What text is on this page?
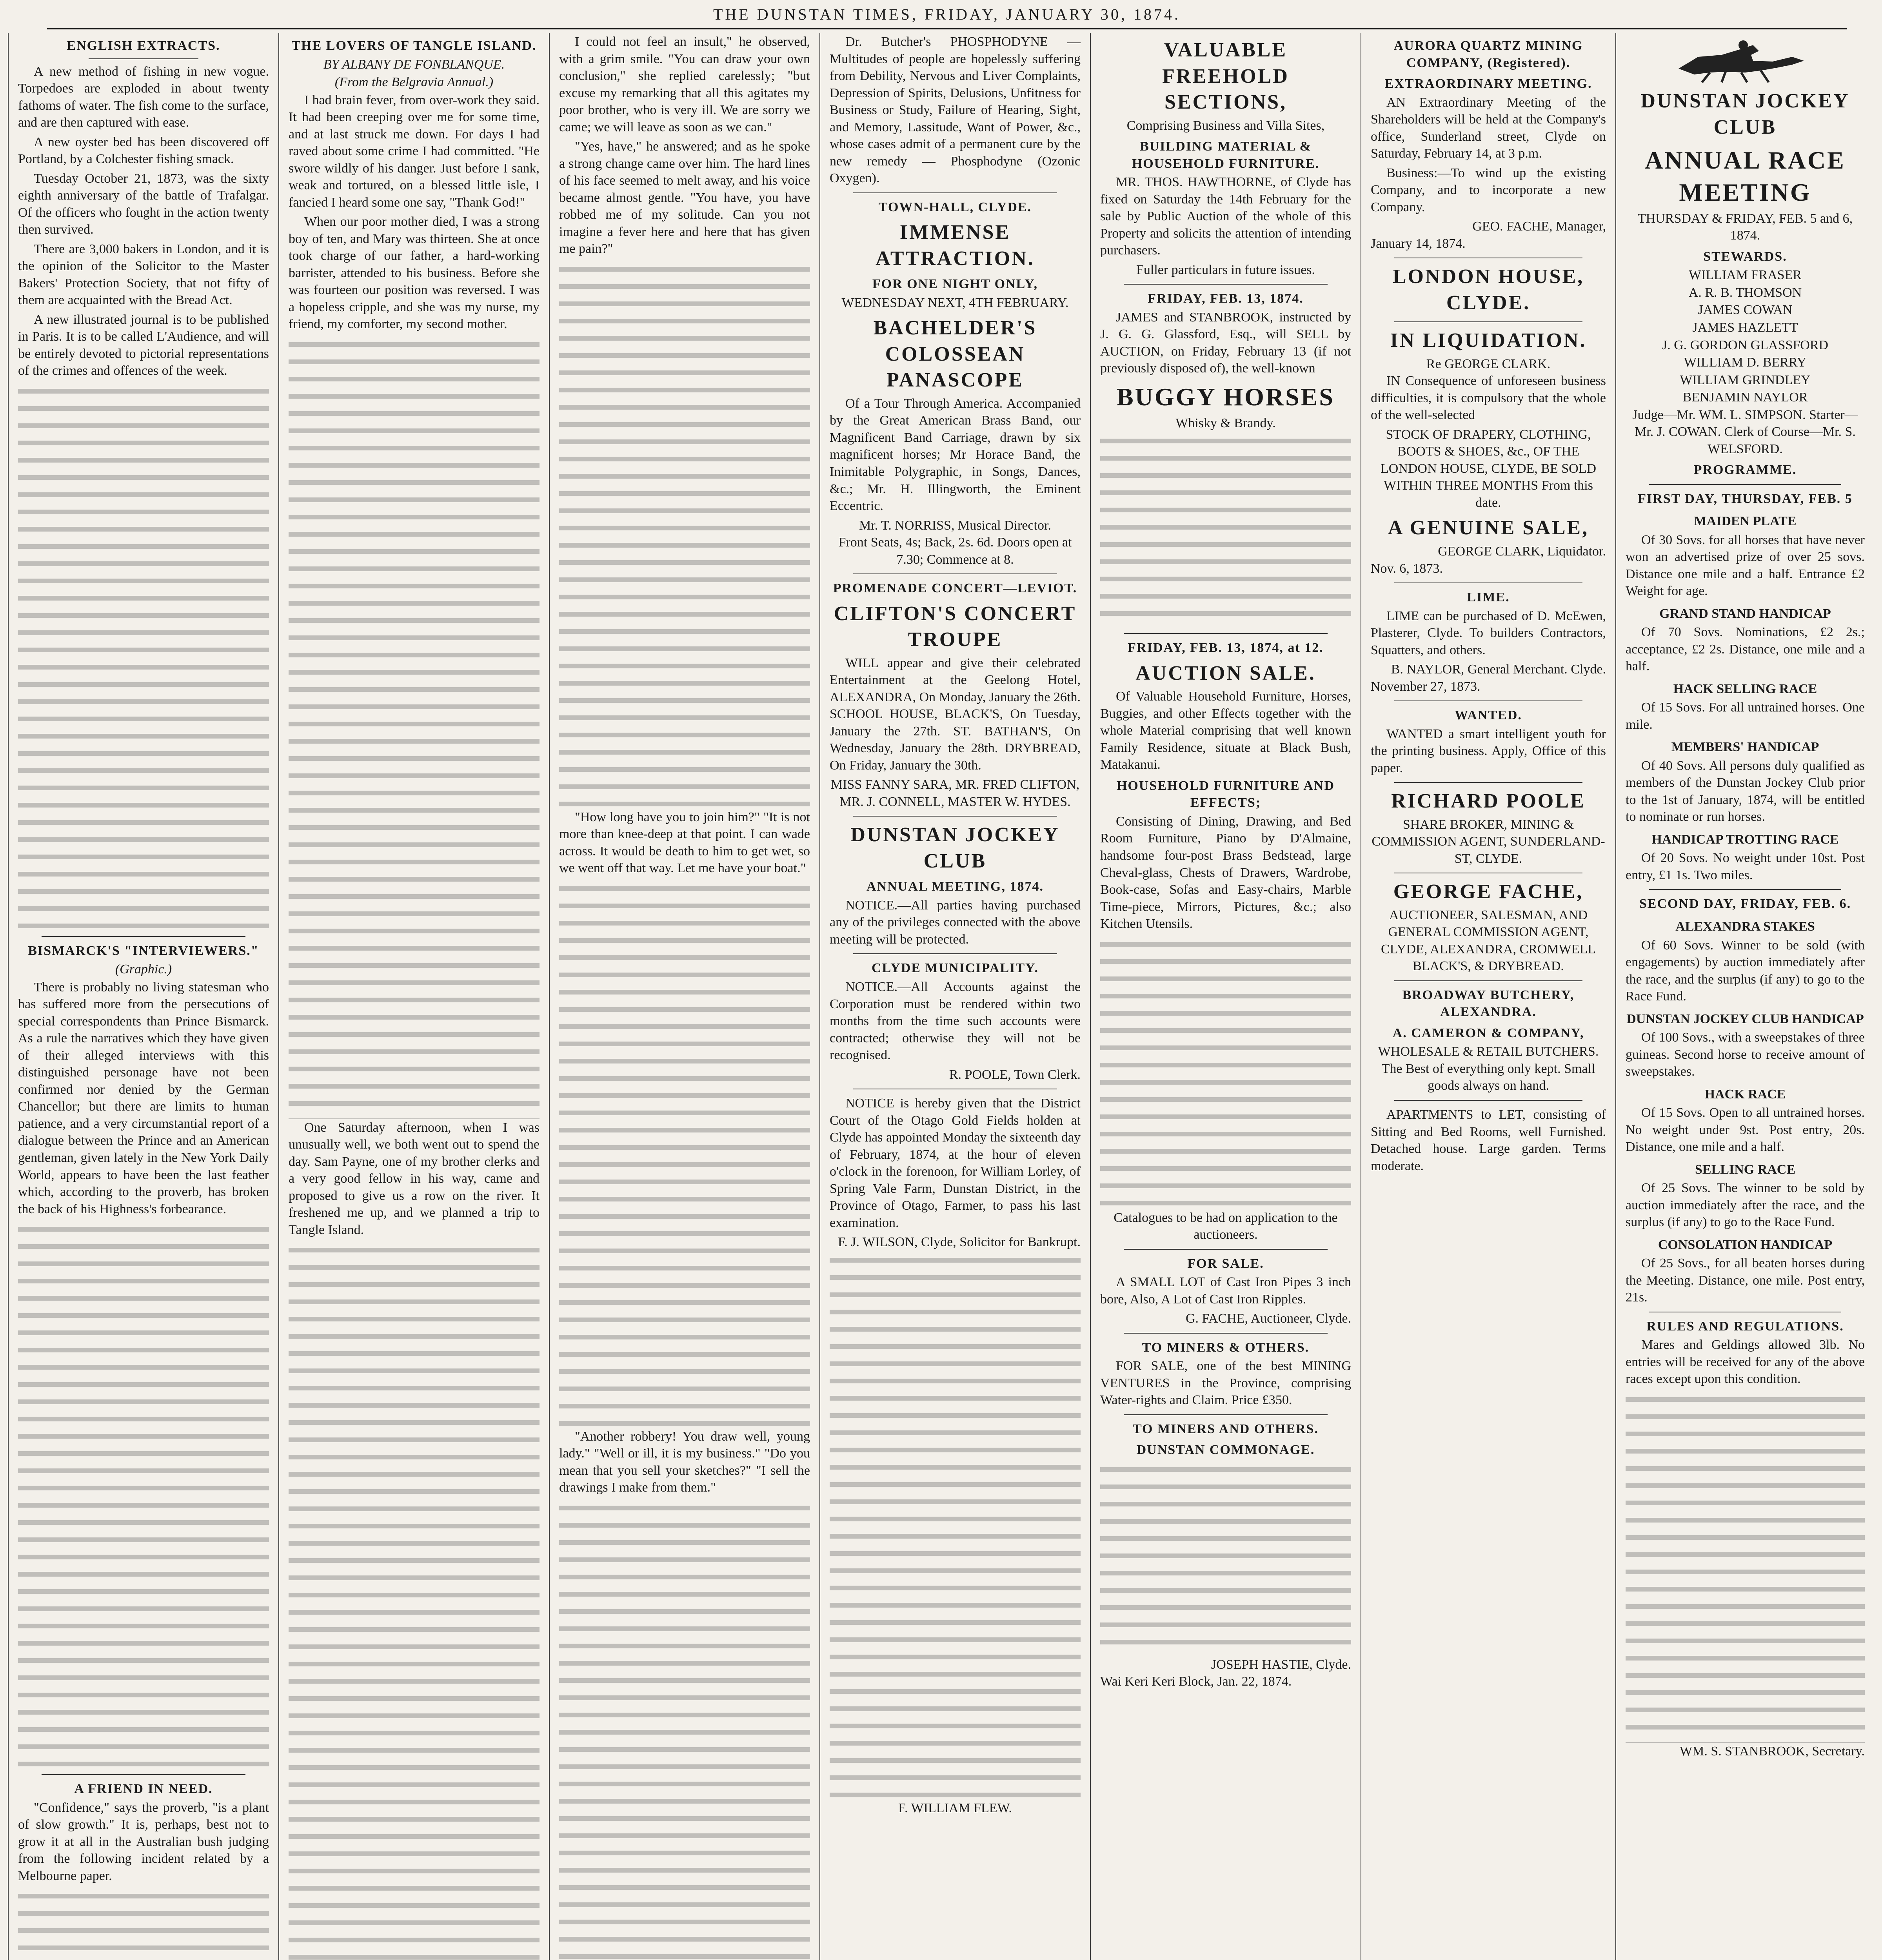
THE DUNSTAN TIMES, FRIDAY, JANUARY 30, 1874.
ENGLISH EXTRACTS.

A new method of fishing in new vogue. Torpedoes are exploded in about twenty fathoms of water. The fish come to the surface, and are then captured with ease.

A new oyster bed has been discovered off Portland, by a Colchester fishing smack.

Tuesday October 21, 1873, was the sixty eighth anniversary of the battle of Trafalgar. Of the officers who fought in the action twenty then survived.

There are 3,000 bakers in London, and it is the opinion of the Solicitor to the Master Bakers' Protection Society, that not fifty of them are acquainted with the Bread Act.

A new illustrated journal is to be published in Paris. It is to be called L'Audience, and will be entirely devoted to pictorial representations of the crimes and offences of the week.

BISMARCK'S "INTERVIEWERS."
(Graphic.)

There is probably no living statesman who has suffered more from the persecutions of special correspondents than Prince Bismarck. As a rule the narratives which they have given of their alleged interviews with this distinguished personage have not been confirmed nor denied by the German Chancellor; but there are limits to human patience, and a very circumstantial report of a dialogue between the Prince and an American gentleman, given lately in the New York Daily World, appears to have been the last feather which, according to the proverb, has broken the back of his Highness's forbearance.

A FRIEND IN NEED.

"Confidence," says the proverb, "is a plant of slow growth." It is, perhaps, best not to grow it at all in the Australian bush judging from the following incident related by a Melbourne paper.

THE LOVERS OF TANGLE ISLAND.
BY ALBANY DE FONBLANQUE.
(From the Belgravia Annual.)

I had brain fever, from over-work they said. It had been creeping over me for some time, and at last struck me down. For days I had raved about some crime I had committed. "He swore wildly of his danger. Just before I sank, weak and tortured, on a blessed little isle, I fancied I heard some one say, "Thank God!"

When our poor mother died, I was a strong boy of ten, and Mary was thirteen. She at once took charge of our father, a hard-working barrister, attended to his business. Before she was fourteen our position was reversed. I was a hopeless cripple, and she was my nurse, my friend, my comforter, my second mother.

One Saturday afternoon, when I was unusually well, we both went out to spend the day. Sam Payne, one of my brother clerks and a very good fellow in his way, came and proposed to give us a row on the river. It freshened me up, and we planned a trip to Tangle Island.

I could not feel an insult," he observed, with a grim smile. "You can draw your own conclusion," she replied carelessly; "but excuse my remarking that all this agitates my poor brother, who is very ill. We are sorry we came; we will leave as soon as we can."

"Yes, have," he answered; and as he spoke a strong change came over him. The hard lines of his face seemed to melt away, and his voice became almost gentle. "You have, you have robbed me of my solitude. Can you not imagine a fever here and here that has given me pain?"

"How long have you to join him?" "It is not more than knee-deep at that point. I can wade across. It would be death to him to get wet, so we went off that way. Let me have your boat."

"Another robbery! You draw well, young lady." "Well or ill, it is my business." "Do you mean that you sell your sketches?" "I sell the drawings I make from them."

Dr. Butcher's PHOSPHODYNE — Multitudes of people are hopelessly suffering from Debility, Nervous and Liver Complaints, Depression of Spirits, Delusions, Unfitness for Business or Study, Failure of Hearing, Sight, and Memory, Lassitude, Want of Power, &c., whose cases admit of a permanent cure by the new remedy — Phosphodyne (Ozonic Oxygen).

TOWN-HALL, CLYDE.
IMMENSE ATTRACTION.
FOR ONE NIGHT ONLY,
WEDNESDAY NEXT, 4TH FEBRUARY.
BACHELDER'S COLOSSEAN PANASCOPE

Of a Tour Through America. Accompanied by the Great American Brass Band, our Magnificent Band Carriage, drawn by six magnificent horses; Mr Horace Band, the Inimitable Polygraphic, in Songs, Dances, &c.; Mr. H. Illingworth, the Eminent Eccentric.

Mr. T. NORRISS, Musical Director.
Front Seats, 4s; Back, 2s. 6d. Doors open at 7.30; Commence at 8.
PROMENADE CONCERT—LEVIOT.
CLIFTON'S CONCERT TROUPE

WILL appear and give their celebrated Entertainment at the Geelong Hotel, ALEXANDRA, On Monday, January the 26th. SCHOOL HOUSE, BLACK'S, On Tuesday, January the 27th. ST. BATHAN'S, On Wednesday, January the 28th. DRYBREAD, On Friday, January the 30th.

MISS FANNY SARA, MR. FRED CLIFTON, MR. J. CONNELL, MASTER W. HYDES.
DUNSTAN JOCKEY CLUB
ANNUAL MEETING, 1874.

NOTICE.—All parties having purchased any of the privileges connected with the above meeting will be protected.

CLYDE MUNICIPALITY.

NOTICE.—All Accounts against the Corporation must be rendered within two months from the time such accounts were contracted; otherwise they will not be recognised.

R. POOLE, Town Clerk.

NOTICE is hereby given that the District Court of the Otago Gold Fields holden at Clyde has appointed Monday the sixteenth day of February, 1874, at the hour of eleven o'clock in the forenoon, for William Lorley, of Spring Vale Farm, Dunstan District, in the Province of Otago, Farmer, to pass his last examination.

F. J. WILSON, Clyde, Solicitor for Bankrupt.
F. WILLIAM FLEW.
VALUABLE FREEHOLD SECTIONS,
Comprising Business and Villa Sites,
BUILDING MATERIAL & HOUSEHOLD FURNITURE.

MR. THOS. HAWTHORNE, of Clyde has fixed on Saturday the 14th February for the sale by Public Auction of the whole of this Property and solicits the attention of intending purchasers.

Fuller particulars in future issues.
FRIDAY, FEB. 13, 1874.

JAMES and STANBROOK, instructed by J. G. G. Glassford, Esq., will SELL by AUCTION, on Friday, February 13 (if not previously disposed of), the well-known

BUGGY HORSES
Whisky & Brandy.
FRIDAY, FEB. 13, 1874, at 12.
AUCTION SALE.

Of Valuable Household Furniture, Horses, Buggies, and other Effects together with the whole Material comprising that well known Family Residence, situate at Black Bush, Matakanui.

HOUSEHOLD FURNITURE AND EFFECTS;

Consisting of Dining, Drawing, and Bed Room Furniture, Piano by D'Almaine, handsome four-post Brass Bedstead, large Cheval-glass, Chests of Drawers, Wardrobe, Book-case, Sofas and Easy-chairs, Marble Time-piece, Mirrors, Pictures, &c.; also Kitchen Utensils.

Catalogues to be had on application to the auctioneers.
FOR SALE.

A SMALL LOT of Cast Iron Pipes 3 inch bore, Also, A Lot of Cast Iron Ripples.

G. FACHE, Auctioneer, Clyde.
TO MINERS & OTHERS.

FOR SALE, one of the best MINING VENTURES in the Province, comprising Water-rights and Claim. Price £350.

TO MINERS AND OTHERS.
DUNSTAN COMMONAGE.
JOSEPH HASTIE, Clyde.
Wai Keri Keri Block, Jan. 22, 1874.
AURORA QUARTZ MINING COMPANY, (Registered).
EXTRAORDINARY MEETING.

AN Extraordinary Meeting of the Shareholders will be held at the Company's office, Sunderland street, Clyde on Saturday, February 14, at 3 p.m.

Business:—To wind up the existing Company, and to incorporate a new Company.

GEO. FACHE, Manager,
January 14, 1874.
LONDON HOUSE, CLYDE.
IN LIQUIDATION.
Re GEORGE CLARK.

IN Consequence of unforeseen business difficulties, it is compulsory that the whole of the well-selected

STOCK OF DRAPERY, CLOTHING, BOOTS & SHOES, &c., OF THE LONDON HOUSE, CLYDE, BE SOLD WITHIN THREE MONTHS From this date.
A GENUINE SALE,
GEORGE CLARK, Liquidator.
Nov. 6, 1873.
LIME.

LIME can be purchased of D. McEwen, Plasterer, Clyde. To builders Contractors, Squatters, and others.

B. NAYLOR, General Merchant. Clyde.
November 27, 1873.
WANTED.

WANTED a smart intelligent youth for the printing business. Apply, Office of this paper.

RICHARD POOLE
SHARE BROKER, MINING & COMMISSION AGENT, SUNDERLAND-ST, CLYDE.
GEORGE FACHE,
AUCTIONEER, SALESMAN, AND GENERAL COMMISSION AGENT, CLYDE, ALEXANDRA, CROMWELL BLACK'S, & DRYBREAD.
BROADWAY BUTCHERY, ALEXANDRA.
A. CAMERON & COMPANY,
WHOLESALE & RETAIL BUTCHERS.
The Best of everything only kept. Small goods always on hand.

APARTMENTS to LET, consisting of Sitting and Bed Rooms, well Furnished. Detached house. Large garden. Terms moderate.

DUNSTAN JOCKEY CLUB
ANNUAL RACE MEETING
THURSDAY & FRIDAY, FEB. 5 and 6, 1874.
STEWARDS.
WILLIAM FRASER
A. R. B. THOMSON
JAMES COWAN
JAMES HAZLETT
J. G. GORDON GLASSFORD
WILLIAM D. BERRY
WILLIAM GRINDLEY
BENJAMIN NAYLOR
Judge—Mr. WM. L. SIMPSON. Starter—Mr. J. COWAN. Clerk of Course—Mr. S. WELSFORD.
PROGRAMME.
FIRST DAY, THURSDAY, FEB. 5
MAIDEN PLATE

Of 30 Sovs. for all horses that have never won an advertised prize of over 25 sovs. Distance one mile and a half. Entrance £2 Weight for age.

GRAND STAND HANDICAP

Of 70 Sovs. Nominations, £2 2s.; acceptance, £2 2s. Distance, one mile and a half.

HACK SELLING RACE

Of 15 Sovs. For all untrained horses. One mile.

MEMBERS' HANDICAP

Of 40 Sovs. All persons duly qualified as members of the Dunstan Jockey Club prior to the 1st of January, 1874, will be entitled to nominate or run horses.

HANDICAP TROTTING RACE

Of 20 Sovs. No weight under 10st. Post entry, £1 1s. Two miles.

SECOND DAY, FRIDAY, FEB. 6.
ALEXANDRA STAKES

Of 60 Sovs. Winner to be sold (with engagements) by auction immediately after the race, and the surplus (if any) to go to the Race Fund.

DUNSTAN JOCKEY CLUB HANDICAP

Of 100 Sovs., with a sweepstakes of three guineas. Second horse to receive amount of sweepstakes.

HACK RACE

Of 15 Sovs. Open to all untrained horses. No weight under 9st. Post entry, 20s. Distance, one mile and a half.

SELLING RACE

Of 25 Sovs. The winner to be sold by auction immediately after the race, and the surplus (if any) to go to the Race Fund.

CONSOLATION HANDICAP

Of 25 Sovs., for all beaten horses during the Meeting. Distance, one mile. Post entry, 21s.

RULES AND REGULATIONS.

Mares and Geldings allowed 3lb. No entries will be received for any of the above races except upon this condition.

WM. S. STANBROOK, Secretary.
